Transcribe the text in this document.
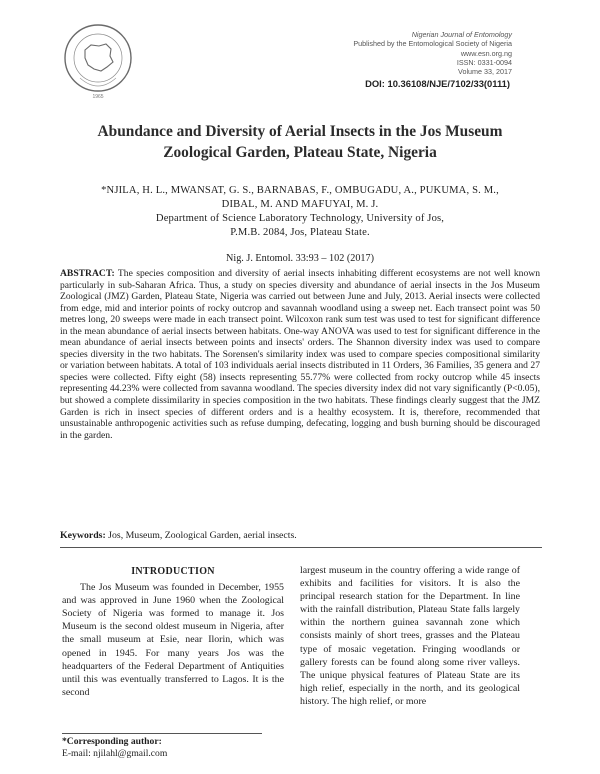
1965
Nigerian Journal of Entomology
Published by the Entomological Society of Nigeria
www.esn.org.ng
ISSN: 0331-0094
Volume 33, 2017
DOI: 10.36108/NJE/7102/33(0111)
Abundance and Diversity of Aerial Insects in the Jos Museum
Zoological Garden, Plateau State, Nigeria
*NJILA, H. L., MWANSAT, G. S., BARNABAS, F., OMBUGADU, A., PUKUMA, S. M.,
DIBAL, M. AND MAFUYAI, M. J.
Department of Science Laboratory Technology, University of Jos,
P.M.B. 2084, Jos, Plateau State.
Nig. J. Entomol. 33:93 – 102 (2017)
ABSTRACT: The species composition and diversity of aerial insects inhabiting different ecosystems are not well known particularly in sub-Saharan Africa. Thus, a study on species diversity and abundance of aerial insects in the Jos Museum Zoological (JMZ) Garden, Plateau State, Nigeria was carried out between June and July, 2013. Aerial insects were collected from edge, mid and interior points of rocky outcrop and savannah woodland using a sweep net. Each transect point was 50 metres long, 20 sweeps were made in each transect point. Wilcoxon rank sum test was used to test for significant difference in the mean abundance of aerial insects between habitats. One-way ANOVA was used to test for significant difference in the mean abundance of aerial insects between points and insects' orders. The Shannon diversity index was used to compare species diversity in the two habitats. The Sorensen's similarity index was used to compare species compositional similarity or variation between habitats. A total of 103 individuals aerial insects distributed in 11 Orders, 36 Families, 35 genera and 27 species were collected. Fifty eight (58) insects representing 55.77% were collected from rocky outcrop while 45 insects representing 44.23% were collected from savanna woodland. The species diversity index did not vary significantly (P<0.05), but showed a complete dissimilarity in species composition in the two habitats. These findings clearly suggest that the JMZ Garden is rich in insect species of different orders and is a healthy ecosystem. It is, therefore, recommended that unsustainable anthropogenic activities such as refuse dumping, defecating, logging and bush burning should be discouraged in the garden.
Keywords: Jos, Museum, Zoological Garden, aerial insects.
INTRODUCTION

The Jos Museum was founded in December, 1955 and was approved in June 1960 when the Zoological Society of Nigeria was formed to manage it. Jos Museum is the second oldest museum in Nigeria, after the small museum at Esie, near Ilorin, which was opened in 1945. For many years Jos was the headquarters of the Federal Department of Antiquities until this was eventually transferred to Lagos. It is the second

largest museum in the country offering a wide range of exhibits and facilities for visitors. It is also the principal research station for the Department. In line with the rainfall distribution, Plateau State falls largely within the northern guinea savannah zone which consists mainly of short trees, grasses and the Plateau type of mosaic vegetation. Fringing woodlands or gallery forests can be found along some river valleys. The unique physical features of Plateau State are its high relief, especially in the north, and its geological history. The high relief, or more

*Corresponding author:
E-mail: njilahl@gmail.com
